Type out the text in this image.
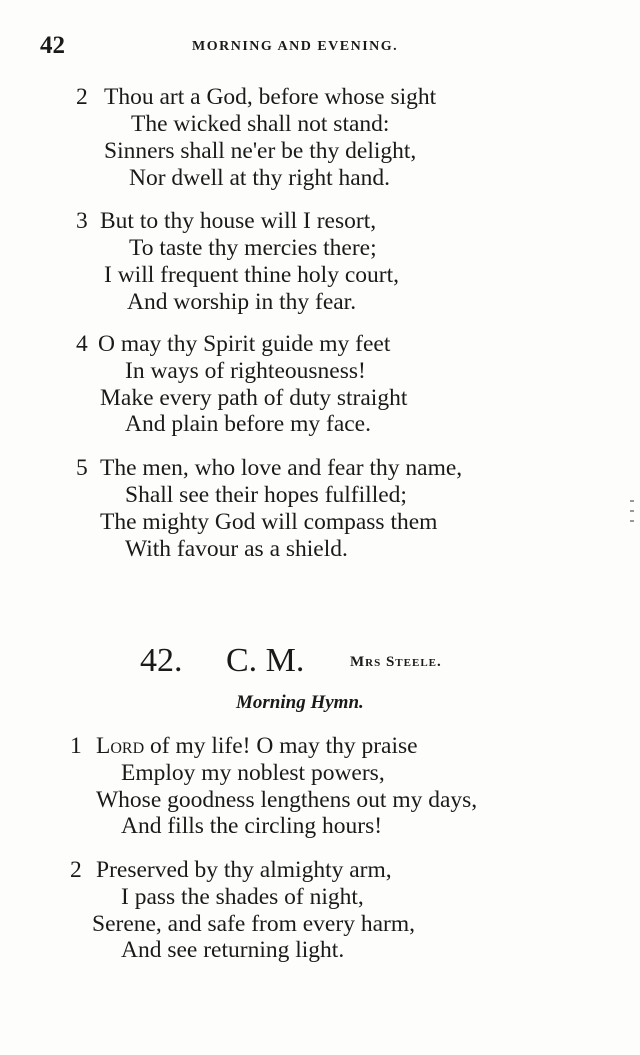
42	MORNING AND EVENING.
2 Thou art a God, before whose sight
The wicked shall not stand:
Sinners shall ne'er be thy delight,
Nor dwell at thy right hand.
3 But to thy house will I resort,
To taste thy mercies there;
I will frequent thine holy court,
And worship in thy fear.
4 O may thy Spirit guide my feet
In ways of righteousness!
Make every path of duty straight
And plain before my face.
5 The men, who love and fear thy name,
Shall see their hopes fulfilled;
The mighty God will compass them
With favour as a shield.
42. C. M.	Mrs Steele.
Morning Hymn.
1 Lord of my life! O may thy praise
Employ my noblest powers,
Whose goodness lengthens out my days,
And fills the circling hours!
2 Preserved by thy almighty arm,
I pass the shades of night,
Serene, and safe from every harm,
And see returning light.
